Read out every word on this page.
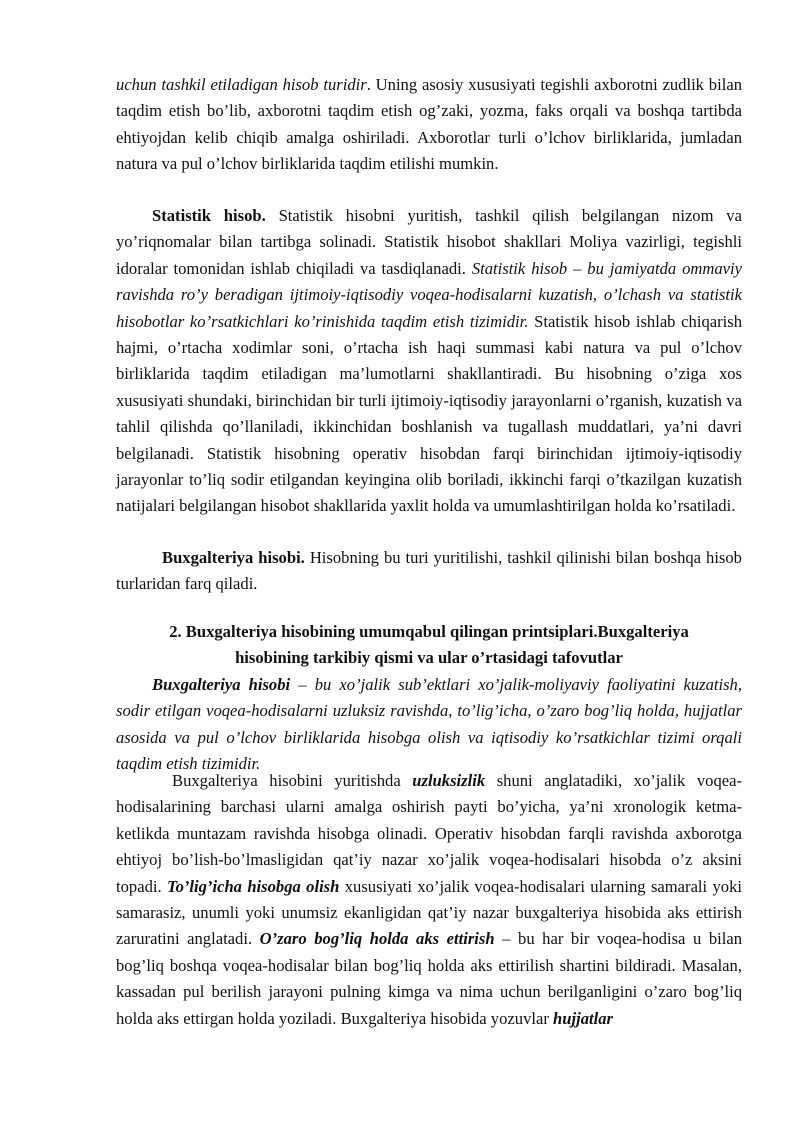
uchun tashkil etiladigan hisob turidir. Uning asosiy xususiyati tegishli axborotni zudlik bilan taqdim etish bo’lib, axborotni taqdim etish og’zaki, yozma, faks orqali va boshqa tartibda ehtiyojdan kelib chiqib amalga oshiriladi. Axborotlar turli o’lchov birliklarida, jumladan natura va pul o’lchov birliklarida taqdim etilishi mumkin.

Statistik hisob. Statistik hisobni yuritish, tashkil qilish belgilangan nizom va yo’riqnomalar bilan tartibga solinadi. Statistik hisobot shakllari Moliya vazirligi, tegishli idoralar tomonidan ishlab chiqiladi va tasdiqlanadi. Statistik hisob – bu jamiyatda ommaviy ravishda ro’y beradigan ijtimoiy-iqtisodiy voqea-hodisalarni kuzatish, o’lchash va statistik hisobotlar ko’rsatkichlari ko’rinishida taqdim etish tizimidir. Statistik hisob ishlab chiqarish hajmi, o’rtacha xodimlar soni, o’rtacha ish haqi summasi kabi natura va pul o’lchov birliklarida taqdim etiladigan ma’lumotlarni shakllantiradi. Bu hisobning o’ziga xos xususiyati shundaki, birinchidan bir turli ijtimoiy-iqtisodiy jarayonlarni o’rganish, kuzatish va tahlil qilishda qo’llaniladi, ikkinchidan boshlanish va tugallash muddatlari, ya’ni davri belgilanadi. Statistik hisobning operativ hisobdan farqi birinchidan ijtimoiy-iqtisodiy jarayonlar to’liq sodir etilgandan keyingina olib boriladi, ikkinchi farqi o’tkazilgan kuzatish natijalari belgilangan hisobot shakllarida yaxlit holda va umumlashtirilgan holda ko’rsatiladi.

Buxgalteriya hisobi. Hisobning bu turi yuritilishi, tashkil qilinishi bilan boshqa hisob turlaridan farq qiladi.

2. Buxgalteriya hisobining umumqabul qilingan printsiplari.Buxgalteriya
hisobining tarkibiy qismi va ular o’rtasidagi tafovutlar

Buxgalteriya hisobi – bu xo’jalik sub’ektlari xo’jalik-moliyaviy faoliyatini kuzatish, sodir etilgan voqea-hodisalarni uzluksiz ravishda, to’lig’icha, o’zaro bog’liq holda, hujjatlar asosida va pul o’lchov birliklarida hisobga olish va iqtisodiy ko’rsatkichlar tizimi orqali taqdim etish tizimidir.

Buxgalteriya hisobini yuritishda uzluksizlik shuni anglatadiki, xo’jalik voqea-hodisalarining barchasi ularni amalga oshirish payti bo’yicha, ya’ni xronologik ketma-ketlikda muntazam ravishda hisobga olinadi. Operativ hisobdan farqli ravishda axborotga ehtiyoj bo’lish-bo’lmasligidan qat’iy nazar xo’jalik voqea-hodisalari hisobda o’z aksini topadi. To’lig’icha hisobga olish xususiyati xo’jalik voqea-hodisalari ularning samarali yoki samarasiz, unumli yoki unumsiz ekanligidan qat’iy nazar buxgalteriya hisobida aks ettirish zaruratini anglatadi. O’zaro bog’liq holda aks ettirish – bu har bir voqea-hodisa u bilan bog’liq boshqa voqea-hodisalar bilan bog’liq holda aks ettirilish shartini bildiradi. Masalan, kassadan pul berilish jarayoni pulning kimga va nima uchun berilganligini o’zaro bog’liq holda aks ettirgan holda yoziladi. Buxgalteriya hisobida yozuvlar hujjatlar
